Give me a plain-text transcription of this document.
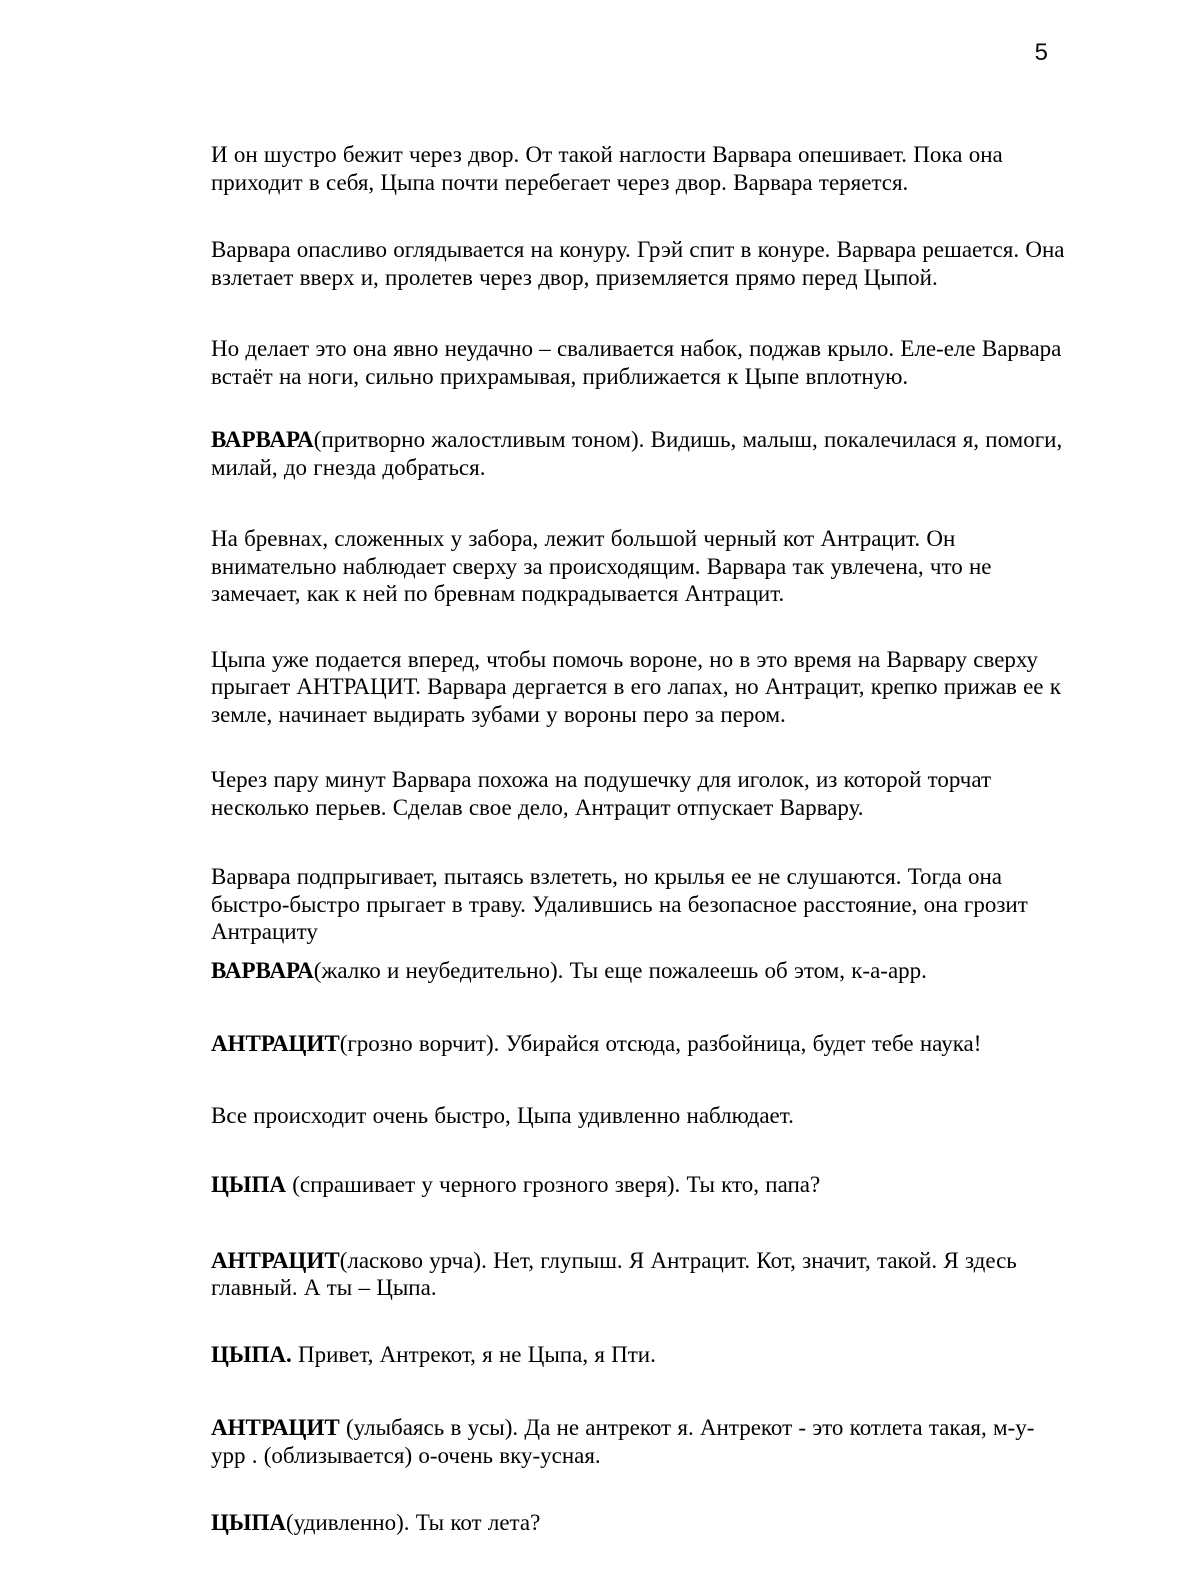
5

И он шустро бежит через двор. От такой наглости Варвара опешивает. Пока она приходит в себя, Цыпа почти перебегает через двор. Варвара теряется.

Варвара опасливо оглядывается на конуру. Грэй спит в конуре. Варвара решается. Она взлетает вверх и, пролетев через двор, приземляется прямо перед Цыпой.

Но делает это она явно неудачно – сваливается набок, поджав крыло. Еле-еле Варвара встаёт на ноги, сильно прихрамывая, приближается к Цыпе вплотную.

ВАРВАРА(притворно жалостливым тоном). Видишь, малыш, покалечилася я, помоги, милай, до гнезда добраться.

На бревнах, сложенных у забора, лежит большой черный кот Антрацит. Он внимательно наблюдает сверху за происходящим. Варвара так увлечена, что не замечает, как к ней по бревнам подкрадывается Антрацит.

Цыпа уже подается вперед, чтобы помочь вороне, но в это время на Варвару сверху прыгает АНТРАЦИТ. Варвара дергается в его лапах, но Антрацит, крепко прижав ее к земле, начинает выдирать зубами у вороны перо за пером.

Через пару минут Варвара похожа на подушечку для иголок, из которой торчат несколько перьев. Сделав свое дело, Антрацит отпускает Варвару.

Варвара подпрыгивает, пытаясь взлететь, но крылья ее не слушаются. Тогда она быстро-быстро прыгает в траву. Удалившись на безопасное расстояние, она грозит Антрациту

ВАРВАРА(жалко и неубедительно). Ты еще пожалеешь об этом, к-а-арр.

АНТРАЦИТ(грозно ворчит). Убирайся отсюда, разбойница, будет тебе наука!

Все происходит очень быстро, Цыпа удивленно наблюдает.

ЦЫПА (спрашивает у черного грозного зверя). Ты кто, папа?

АНТРАЦИТ(ласково урча). Нет, глупыш. Я Антрацит. Кот, значит, такой. Я здесь главный. А ты – Цыпа.

ЦЫПА. Привет, Антрекот, я не Цыпа, я Пти.

АНТРАЦИТ (улыбаясь в усы). Да не антрекот я. Антрекот - это котлета такая, м-у-урр . (облизывается) о-очень вку-усная.

ЦЫПА(удивленно). Ты кот лета?
